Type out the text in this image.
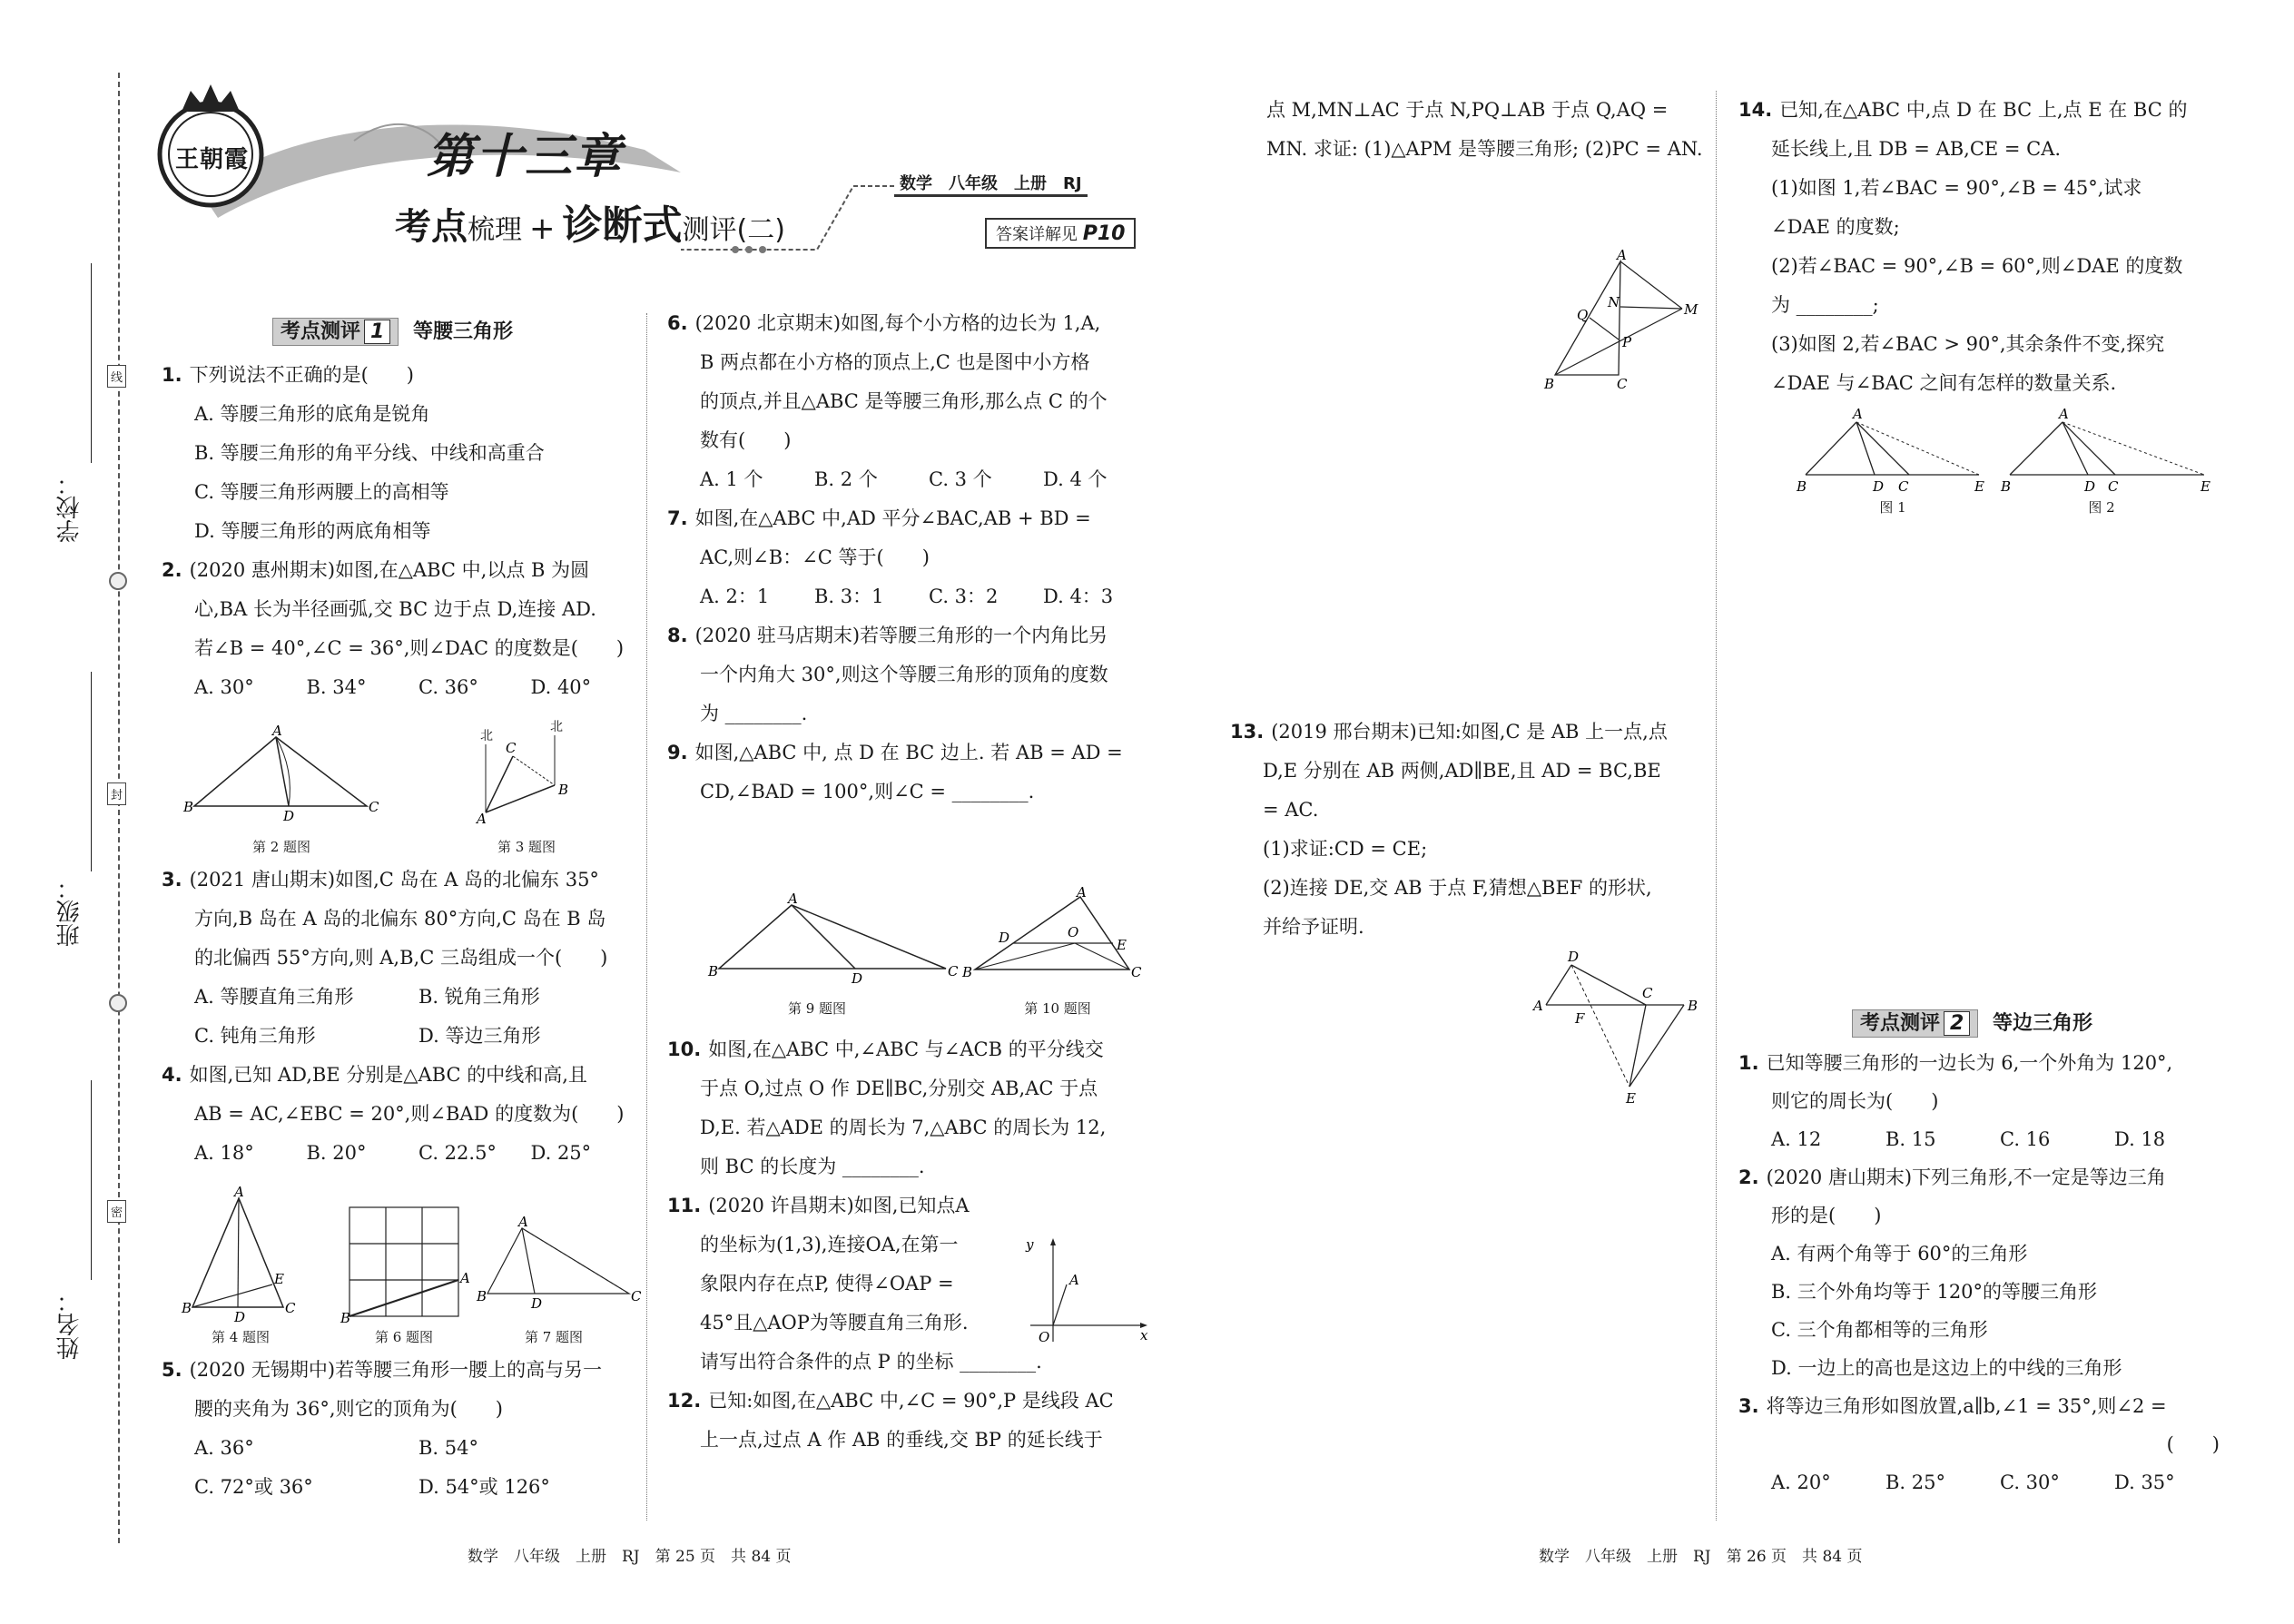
学校：
班级：
姓名：
线
封
密
王朝霞	第十三章
考点梳理 + 诊断式测评(二)
数学　八年级　上册　RJ
答案详解见 P10
考点测评 1 等腰三角形
1. 下列说法不正确的是(　　)
A. 等腰三角形的底角是锐角
B. 等腰三角形的角平分线、中线和高重合
C. 等腰三角形两腰上的高相等
D. 等腰三角形的两底角相等
2. (2020 惠州期末)如图,在△ABC 中,以点 B 为圆
心,BA 长为半径画弧,交 BC 边于点 D,连接 AD.
若∠B = 40°,∠C = 36°,则∠DAC 的度数是(　　)
A. 30°	B. 34°	C. 36°	D. 40°
A
B	C
D
第 2 题图
A
B
C
北
北
第 3 题图
3. (2021 唐山期末)如图,C 岛在 A 岛的北偏东 35°
方向,B 岛在 A 岛的北偏东 80°方向,C 岛在 B 岛
的北偏西 55°方向,则 A,B,C 三岛组成一个(　　)
A. 等腰直角三角形	B. 锐角三角形
C. 钝角三角形	D. 等边三角形
4. 如图,已知 AD,BE 分别是△ABC 的中线和高,且
AB = AC,∠EBC = 20°,则∠BAD 的度数为(　　)
A. 18°	B. 20°	C. 22.5°	D. 25°
A
B	C
D
E
第 4 题图
B
A
第 6 题图
A
B	C
D
第 7 题图
5. (2020 无锡期中)若等腰三角形一腰上的高与另一
腰的夹角为 36°,则它的顶角为(　　)
A. 36°	B. 54°
C. 72°或 36°	D. 54°或 126°
6. (2020 北京期末)如图,每个小方格的边长为 1,A,
B 两点都在小方格的顶点上,C 也是图中小方格
的顶点,并且△ABC 是等腰三角形,那么点 C 的个
数有(　　)
A. 1 个	B. 2 个	C. 3 个	D. 4 个
7. 如图,在△ABC 中,AD 平分∠BAC,AB + BD =
AC,则∠B：∠C 等于(　　)
A. 2：1	B. 3：1	C. 3：2	D. 4：3
8. (2020 驻马店期末)若等腰三角形的一个内角比另
一个内角大 30°,则这个等腰三角形的顶角的度数
为 ________.
9. 如图,△ABC 中, 点 D 在 BC 边上. 若 AB = AD =
CD,∠BAD = 100°,则∠C = ________.
A
B	C
D
第 9 题图
A
B	C
D	E
O
第 10 题图
10. 如图,在△ABC 中,∠ABC 与∠ACB 的平分线交
于点 O,过点 O 作 DE∥BC,分别交 AB,AC 于点
D,E. 若△ADE 的周长为 7,△ABC 的周长为 12,
则 BC 的长度为 ________.
11. (2020 许昌期末)如图,已知点A
的坐标为(1,3),连接OA,在第一
象限内存在点P, 使得∠OAP =
45°且△AOP为等腰直角三角形.
请写出符合条件的点 P 的坐标 ________.
12. 已知:如图,在△ABC 中,∠C = 90°,P 是线段 AC
上一点,过点 A 作 AB 的垂线,交 BP 的延长线于
y
x
O
A
点 M,MN⊥AC 于点 N,PQ⊥AB 于点 Q,AQ = MN. 求证: (1)△APM 是等腰三角形; (2)PC = AN.
A
B	C
M
N
P
Q
13. (2019 邢台期末)已知:如图,C 是 AB 上一点,点
D,E 分别在 AB 两侧,AD∥BE,且 AD = BC,BE
= AC.
(1)求证:CD = CE;
(2)连接 DE,交 AB 于点 F,猜想△BEF 的形状,
并给予证明.
A	B
C
D
E
F
14. 已知,在△ABC 中,点 D 在 BC 上,点 E 在 BC 的
延长线上,且 DB = AB,CE = CA.
(1)如图 1,若∠BAC = 90°,∠B = 45°,试求
∠DAE 的度数;
(2)若∠BAC = 90°,∠B = 60°,则∠DAE 的度数
为 ________;
(3)如图 2,若∠BAC > 90°,其余条件不变,探究
∠DAE 与∠BAC 之间有怎样的数量关系.
A
B	D C	E
图 1
A
B	D C	E
图 2
考点测评 2 等边三角形
1. 已知等腰三角形的一边长为 6,一个外角为 120°,
则它的周长为(　　)
A. 12	B. 15	C. 16	D. 18
2. (2020 唐山期末)下列三角形,不一定是等边三角
形的是(　　)
A. 有两个角等于 60°的三角形
B. 三个外角均等于 120°的等腰三角形
C. 三个角都相等的三角形
D. 一边上的高也是这边上的中线的三角形
3. 将等边三角形如图放置,a∥b,∠1 = 35°,则∠2 =
(　　)
A. 20°	B. 25°	C. 30°	D. 35°
数学　八年级　上册　RJ　第 25 页　共 84 页	数学　八年级　上册　RJ　第 26 页　共 84 页
